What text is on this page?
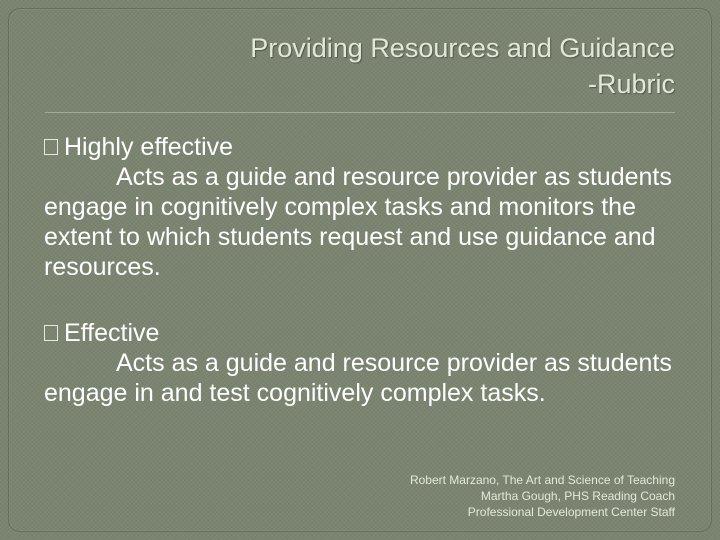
Providing Resources and Guidance
-Rubric
Highly effective

Acts as a guide and resource provider as students engage in cognitively complex tasks and monitors the extent to which students request and use guidance and resources.

Effective

Acts as a guide and resource provider as students engage in and test cognitively complex tasks.

Robert Marzano, The Art and Science of Teaching
Martha Gough, PHS Reading Coach
Professional Development Center Staff
